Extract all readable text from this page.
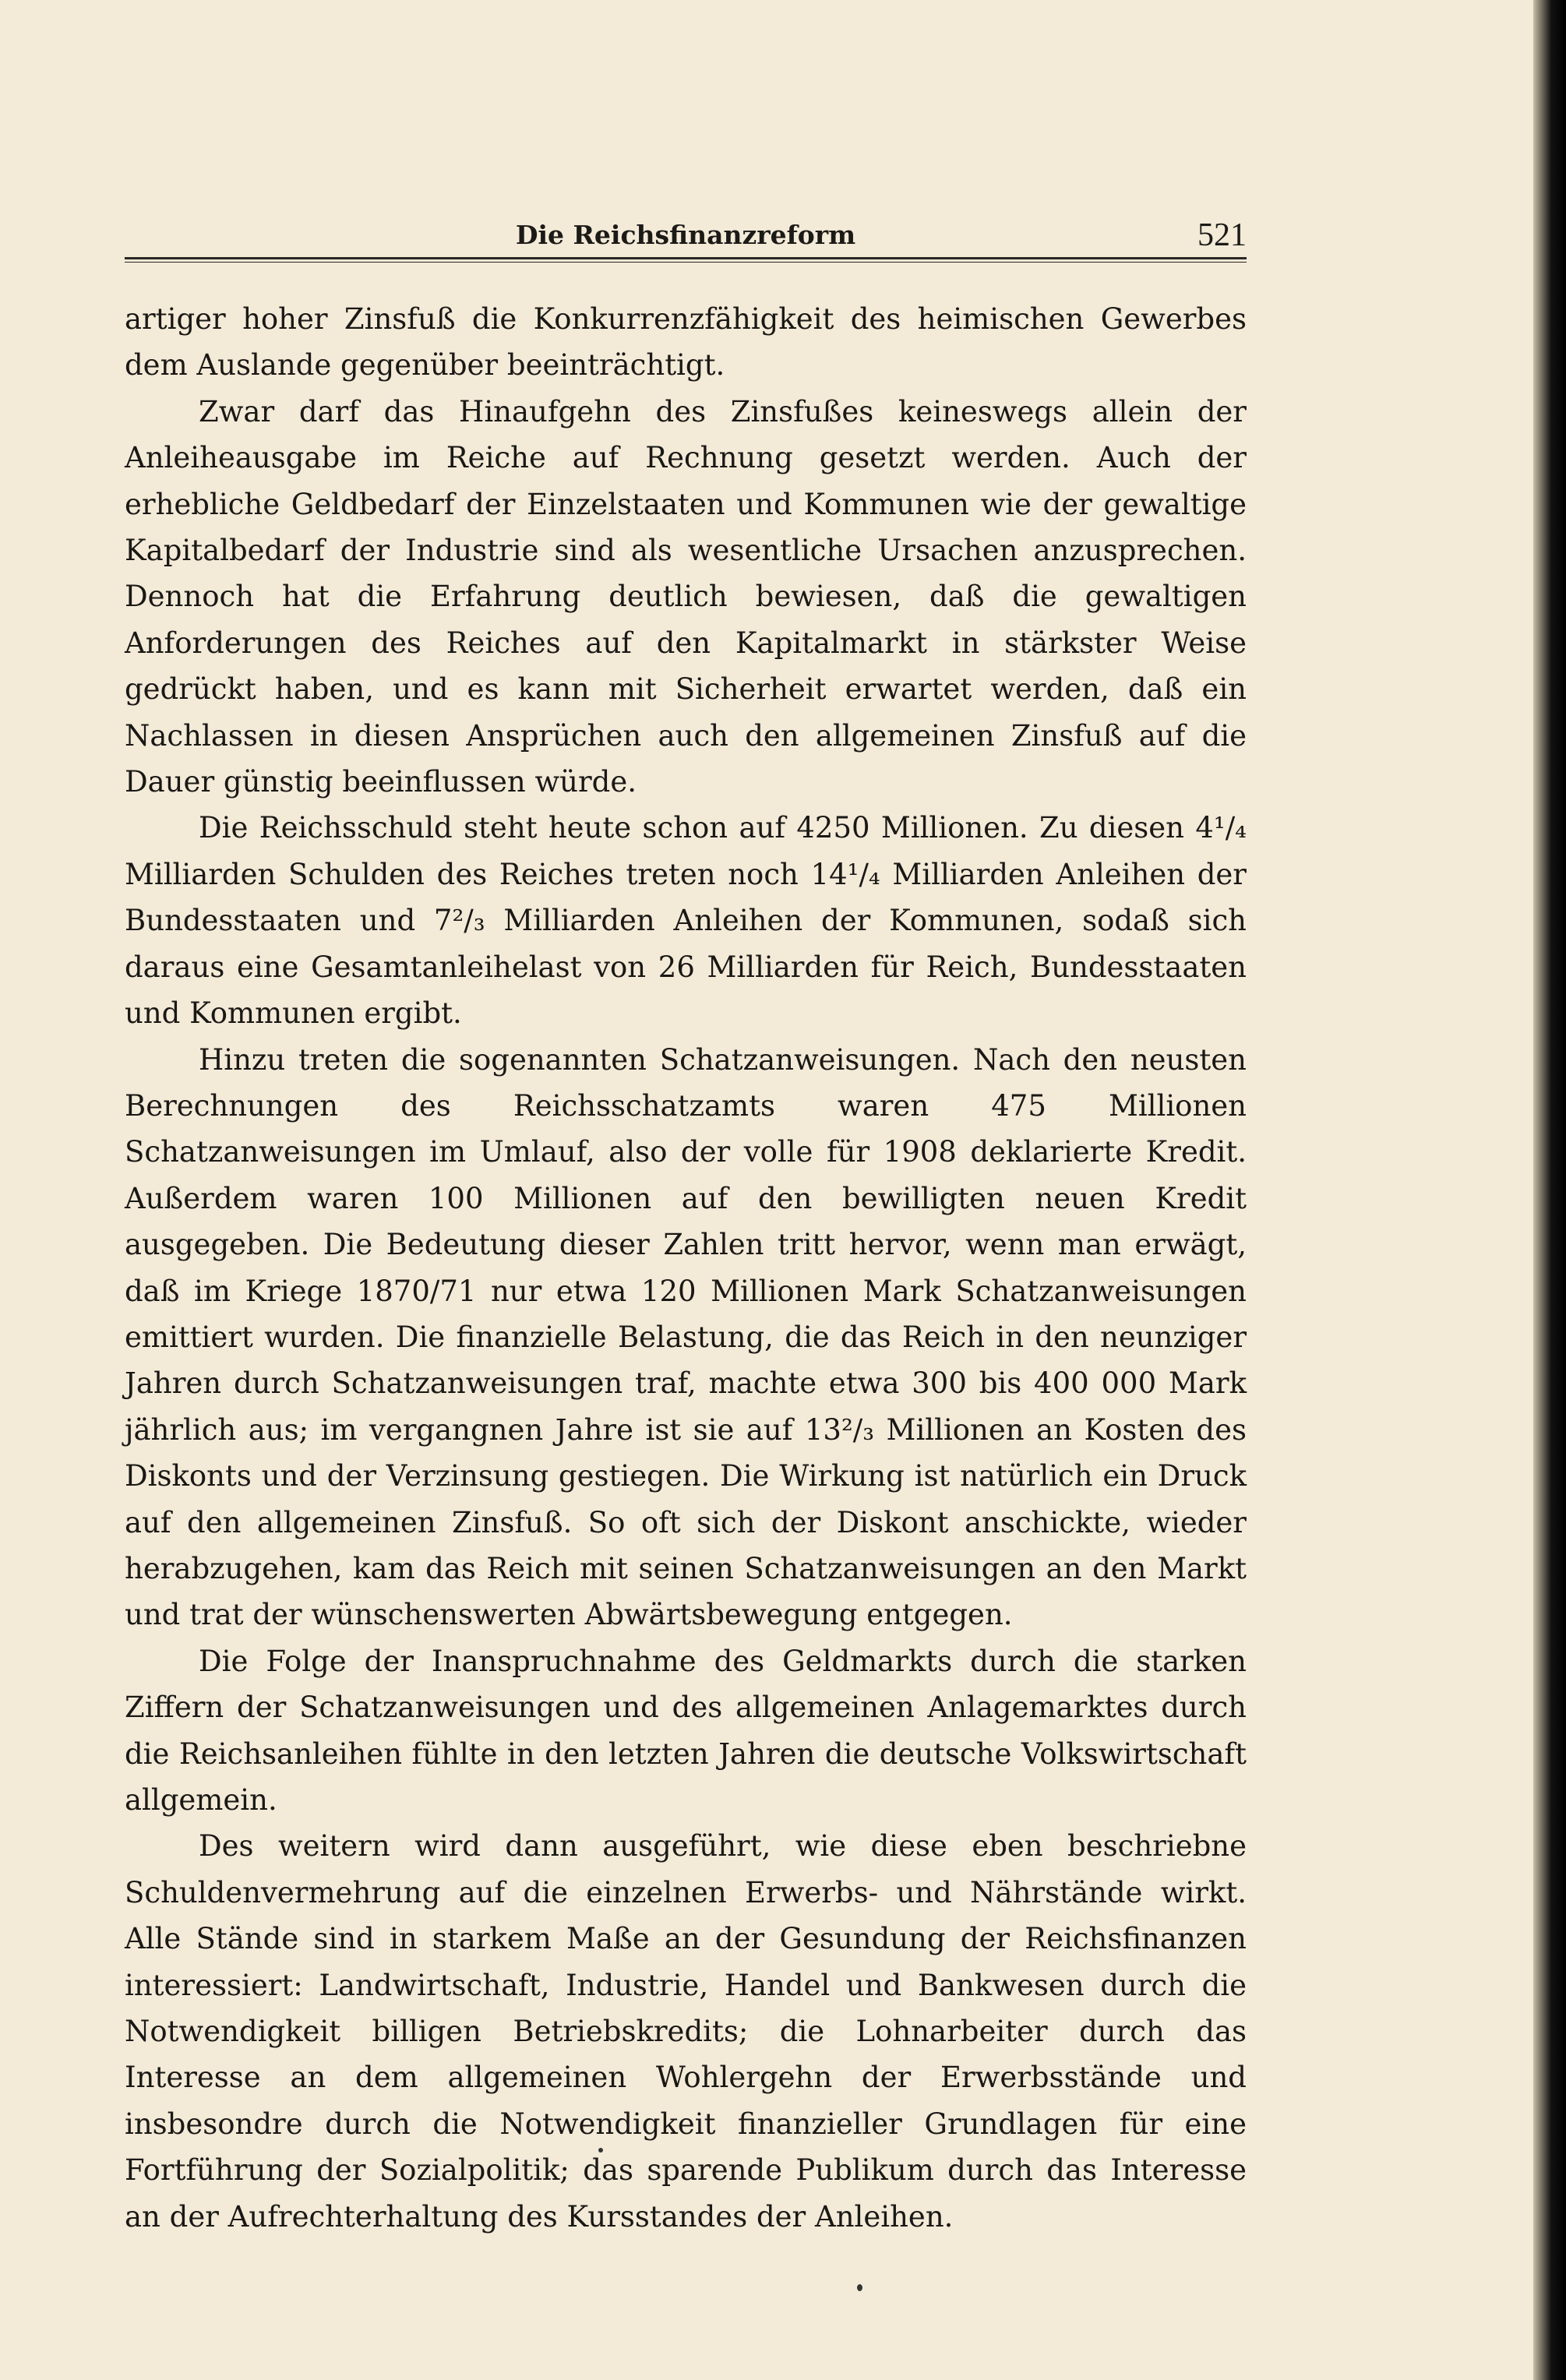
Die Reichsfinanzreform	521

artiger hoher Zinsfuß die Konkurrenzfähigkeit des heimischen Gewerbes dem Auslande gegenüber beeinträchtigt.

Zwar darf das Hinaufgehn des Zinsfußes keineswegs allein der Anleiheausgabe im Reiche auf Rechnung gesetzt werden. Auch der erhebliche Geldbedarf der Einzelstaaten und Kommunen wie der gewaltige Kapitalbedarf der Industrie sind als wesentliche Ursachen anzusprechen. Dennoch hat die Erfahrung deutlich bewiesen, daß die gewaltigen Anforderungen des Reiches auf den Kapitalmarkt in stärkster Weise gedrückt haben, und es kann mit Sicherheit erwartet werden, daß ein Nachlassen in diesen Ansprüchen auch den allgemeinen Zinsfuß auf die Dauer günstig beeinflussen würde.

Die Reichsschuld steht heute schon auf 4250 Millionen. Zu diesen 4¹/₄ Milliarden Schulden des Reiches treten noch 14¹/₄ Milliarden Anleihen der Bundesstaaten und 7²/₃ Milliarden Anleihen der Kommunen, sodaß sich daraus eine Gesamtanleihelast von 26 Milliarden für Reich, Bundesstaaten und Kommunen ergibt.

Hinzu treten die sogenannten Schatzanweisungen. Nach den neusten Berechnungen des Reichsschatzamts waren 475 Millionen Schatzanweisungen im Umlauf, also der volle für 1908 deklarierte Kredit. Außerdem waren 100 Millionen auf den bewilligten neuen Kredit ausgegeben. Die Bedeutung dieser Zahlen tritt hervor, wenn man erwägt, daß im Kriege 1870/71 nur etwa 120 Millionen Mark Schatzanweisungen emittiert wurden. Die finanzielle Belastung, die das Reich in den neunziger Jahren durch Schatzanweisungen traf, machte etwa 300 bis 400 000 Mark jährlich aus; im vergangnen Jahre ist sie auf 13²/₃ Millionen an Kosten des Diskonts und der Verzinsung gestiegen. Die Wirkung ist natürlich ein Druck auf den allgemeinen Zinsfuß. So oft sich der Diskont anschickte, wieder herabzugehen, kam das Reich mit seinen Schatzanweisungen an den Markt und trat der wünschenswerten Abwärtsbewegung entgegen.

Die Folge der Inanspruchnahme des Geldmarkts durch die starken Ziffern der Schatzanweisungen und des allgemeinen Anlagemarktes durch die Reichsanleihen fühlte in den letzten Jahren die deutsche Volkswirtschaft allgemein.

Des weitern wird dann ausgeführt, wie diese eben beschriebne Schuldenvermehrung auf die einzelnen Erwerbs- und Nährstände wirkt. Alle Stände sind in starkem Maße an der Gesundung der Reichsfinanzen interessiert: Landwirtschaft, Industrie, Handel und Bankwesen durch die Notwendigkeit billigen Betriebskredits; die Lohnarbeiter durch das Interesse an dem allgemeinen Wohlergehn der Erwerbsstände und insbesondre durch die Notwendigkeit finanzieller Grundlagen für eine Fortführung der Sozialpolitik; das sparende Publikum durch das Interesse an der Aufrechterhaltung des Kursstandes der Anleihen.
